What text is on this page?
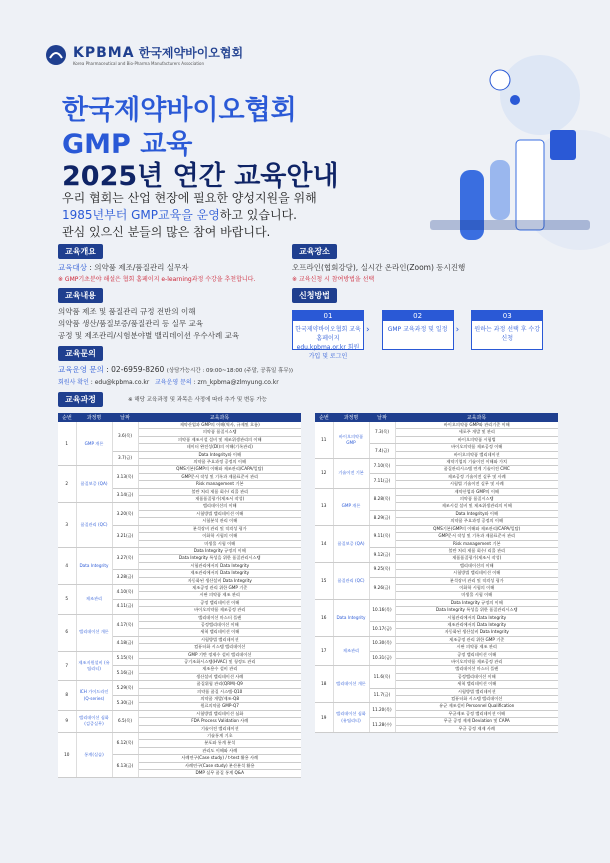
KPBMA 한국제약바이오협회
Korea Pharmaceutical and Bio-Pharma Manufacturers Association
한국제약바이오협회
GMP 교육
2025년 연간 교육안내
우리 협회는 산업 현장에 필요한 양성지원을 위해
1985년부터 GMP교육을 운영하고 있습니다.
관심 있으신 분들의 많은 참여 바랍니다.
교육개요
교육대상 : 의약품 제조/품질관리 실무자
※ GMP기초분야 해설은 협회 홈페이지 e-learning과정 수강을 추천합니다.
교육장소
오프라인(협회강당), 실시간 온라인(Zoom) 동시진행
※ 교육신청 시 참여방법을 선택
교육내용
의약품 제조 및 품질관리 규정 전반의 이해
의약품 생산/품질보증/품질관리 등 실무 교육
공정 및 제조관리/시험분야별 밸리데이션 우수사례 교육
신청방법
01
한국제약바이오협회 교육 홈페이지 edu.kpbma.or.kr 회원가입 및 로그인
›
02
GMP 교육과정 및 일정 ›
03
원하는 과정 선택 후 수강신청
교육문의
교육운영 문의 : 02-6959-8260 (상담가능시간 : 09:00~18:00 (주말, 공휴일 휴무))
회원사 확인 : edu@kpbma.co.kr 교육운영 문의 : zrn_kpbma@zlmyung.co.kr
교육과정	※ 해당 교육과정 및 과목은 사정에 따라 추가 및 변동 가능
순번	과정명	날짜	교육과목
1	GMP 개론	3.6(목)	제약산업과 GMP의 이해(역사, 규제및 흐름)
			의약품 품질시스템
			의약품 제조시설 설비 및 제조위생관리의 이해
			데이터 완전성(DI)의 이해(기록관리)
		3.7(금)	Data Integrity와 이해
			의약품 주요과정 공정의 이해
2	품질보증 (QA)	3.13(목)	QMS기본(GMP의 이해와 제조관리/CAPA/일탈)
			GMP문서 작성 및 기록과 제품표준서 관리
			Risk management 기본
		3.14(금)	불만 처리 제품 회수/ 리콜 관리
			제품품질평가(제조서 작성)
3	품질관리 (QC)	3.20(목)	밸리데이션의 이해
			시험방법 밸리데이션 이해
			시험분석 관리 이해
		3.21(금)	분석장비 관리 및 적격성 평가
			이화학 시험의 이해
			미생물 시험 이해
4	Data Integrity	3.27(목)	Data Integrity 규정의 이해
			Data Integrity 특성을 위한 품질관리시스템
			시험관리에서의 Data Integrity
		3.28(금)	제조관리에서의 Data Integrity
			자동화된 생산설비 Data Integrity
5	제조관리	4.10(목)	제조공정 관리 위한 GMP 기준
			시판 의약품 제조 관리
		4.11(금)	공정 밸리데이션 이해
			바이오의약품 제조공정 관리
6	밸리데이션 개론	4.17(목)	밸리데이션 마스터 플랜
			공정밸리데이션 이해
			세척 밸리데이션 이해
		4.18(금)	시험방법 밸리데이션
			컴퓨터화 시스템 밸리데이션
7	제조지원설비 (유틸리티)	5.15(목)	GMP 기반 정제수 설비 밸리데이션
			공기조화시스템(HVAC) 및 청정도 관리
		5.16(금)	제조용수 설비 관리
			생산설비 밸리데이션 사례
8	ICH 가이드라인 (Q-series)	5.29(목)	품질위험 관리(QRM)-Q9
			의약품 품질 시스템-Q10
		5.30(금)	의약품 개발/제조-Q8
			원료의약품 GMP-Q7
9	밸리데이션 심화 (검증실무)	6.5(목)	시험방법 밸리데이션 심화
			FDA Process Validation 사례
			기술이전 밸리데이션
10	통계(실습)	6.12(목)	기술통계 기초
			분포와 통계 분석
			관리도 이해와 사례
		6.13(금)	사례연구(Case study) / t-test 활용 사례
			사례연구(Case study) 분산분석 활용
			DMP 실무 품질 통계 Q&A
순번	과정명	날짜	교육과목
11	바이오의약품 GMP	7.3(목)	바이오의약품 GMP와 관리기준 이해
			세포주 개발 및 관리
			바이오의약품 시험법
		7.4(금)	바이오의약품 제조공정 이해
			바이오의약품 밸리데이션
12	기술이전 기본	7.10(목)	제약기업의 기술이전 이해와 가치
			품질관리시스템 연계 기술이전 CMC
		7.11(금)	제조공정 기술이전 실무 및 사례
			시험법 기술이전 실무 및 사례
13	GMP 개론	8.28(목)	제약산업과 GMP의 이해
			의약품 품질시스템
			제조시설 설비 및 제조위생관리의 이해
		8.29(금)	Data Integrity와 이해
			의약품 주요과정 공정의 이해
14	품질보증 (QA)	9.11(목)	QMS기본(GMP의 이해와 제조관리/CAPA/일탈)
			GMP문서 작성 및 기록과 제품표준서 관리
			Risk management 기본
		9.12(금)	불만 처리 제품 회수/ 리콜 관리
			제품품질평가(제조서 작성)
15	품질관리 (QC)	9.25(목)	밸리데이션의 이해
			시험방법 밸리데이션 이해
		9.26(금)	분석장비 관리 및 적격성 평가
			이화학 시험의 이해
			미생물 시험 이해
16	Data Integrity	10.16(목)	Data Integrity 규정의 이해
			Data Integrity 특성을 위한 품질관리시스템
			시험관리에서의 Data Integrity
		10.17(금)	제조관리에서의 Data Integrity
			자동화된 생산설비 Data Integrity
17	제조관리	10.30(목)	제조공정 관리 위한 GMP 기준
			시판 의약품 제조 관리
		10.31(금)	공정 밸리데이션 이해
			바이오의약품 제조공정 관리
18	밸리데이션 개론	11.6(목)	밸리데이션 마스터 플랜
			공정밸리데이션 이해
			세척 밸리데이션 이해
		11.7(금)	시험방법 밸리데이션
			컴퓨터화 시스템 밸리데이션
19	밸리데이션 심화 (유틸리티)	11.20(목)	유균 제조설비 Personnel Qualification
			무균제조 공정 밸리데이션 이해
		11.28(수)	무균 공정 제제 Deviation 및 CAPA
			무균 공정 제제 사례
